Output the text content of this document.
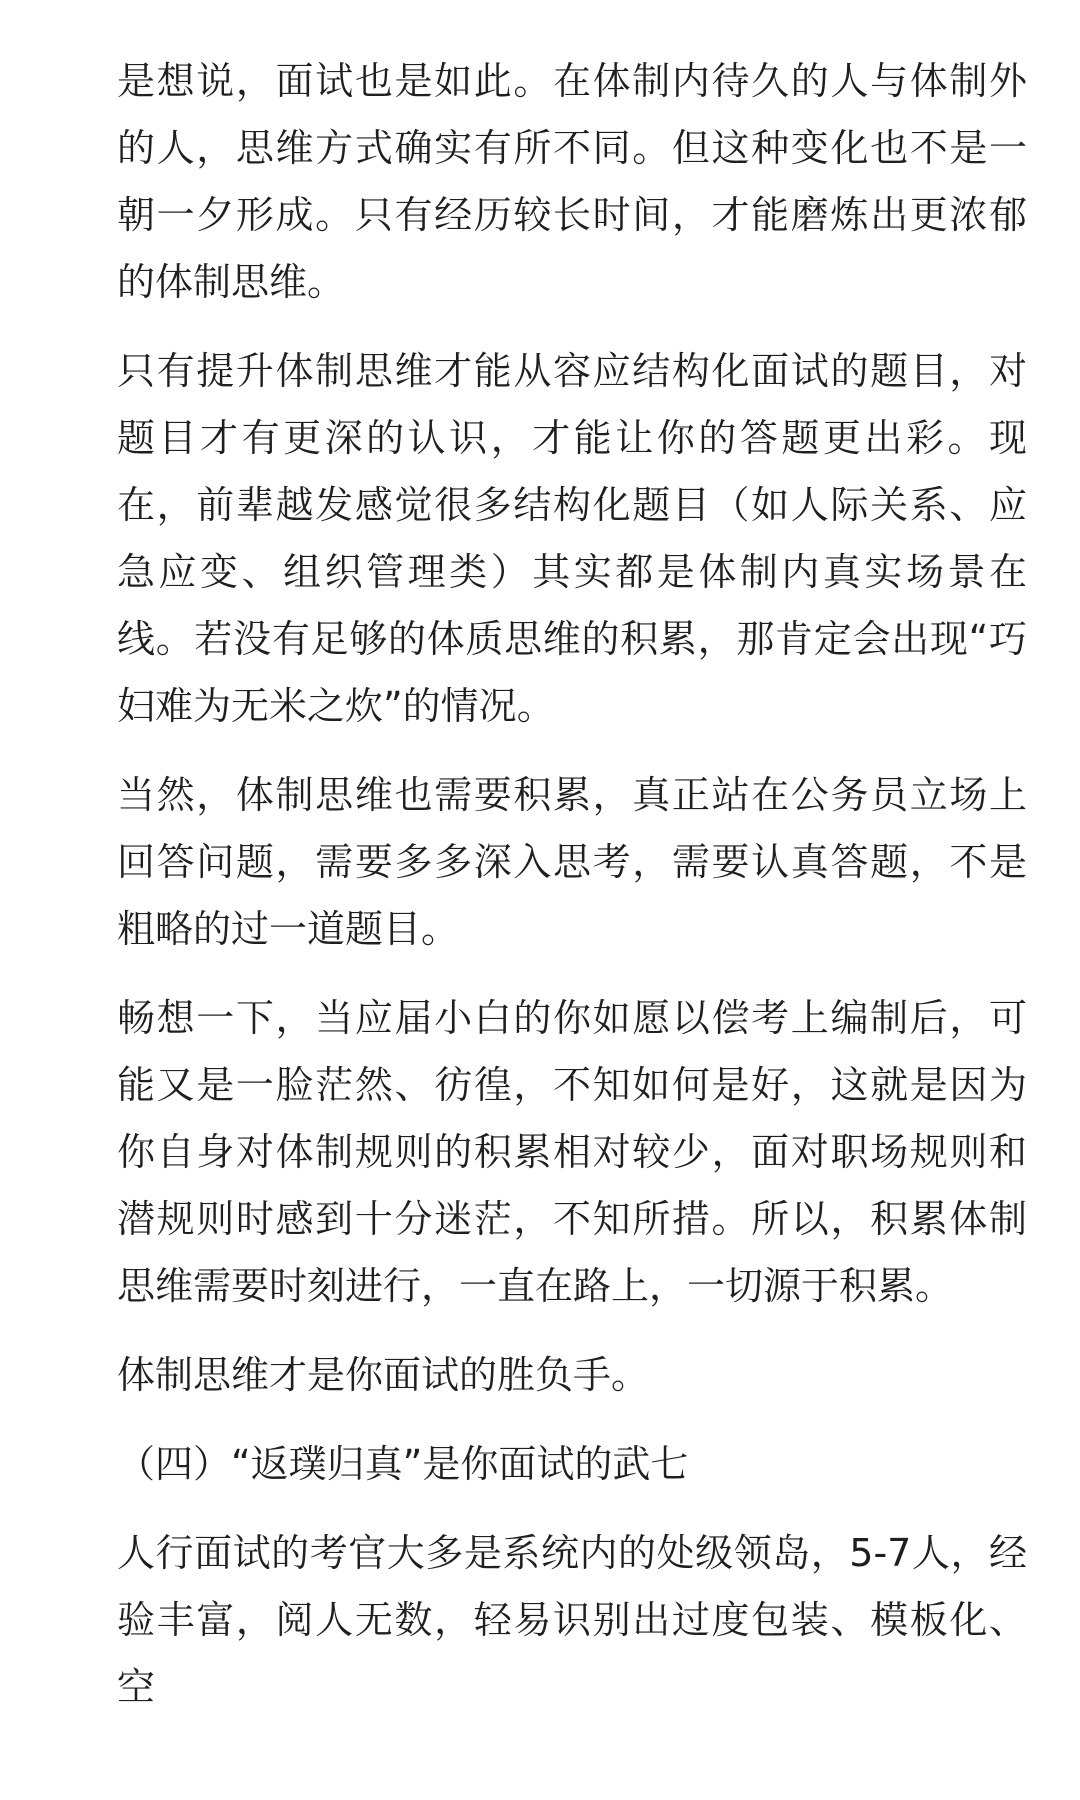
是想说，面试也是如此。在体制内待久的人与体制外的人，思维方式确实有所不同。但这种变化也不是一朝一夕形成。只有经历较长时间，才能磨炼出更浓郁的体制思维。

只有提升体制思维才能从容应结构化面试的题目，对题目才有更深的认识，才能让你的答题更出彩。现在，前辈越发感觉很多结构化题目（如人际关系、应急应变、组织管理类）其实都是体制内真实场景在线。若没有足够的体质思维的积累，那肯定会出现“巧妇难为无米之炊”的情况。

当然，体制思维也需要积累，真正站在公务员立场上回答问题，需要多多深入思考，需要认真答题，不是粗略的过一道题目。

畅想一下，当应届小白的你如愿以偿考上编制后，可能又是一脸茫然、彷徨，不知如何是好，这就是因为你自身对体制规则的积累相对较少，面对职场规则和潜规则时感到十分迷茫，不知所措。所以，积累体制思维需要时刻进行，一直在路上，一切源于积累。

体制思维才是你面试的胜负手。

（四）“返璞归真”是你面试的武七

人行面试的考官大多是系统内的处级领岛，5-7人，经验丰富，阅人无数，轻易识别出过度包装、模板化、空
